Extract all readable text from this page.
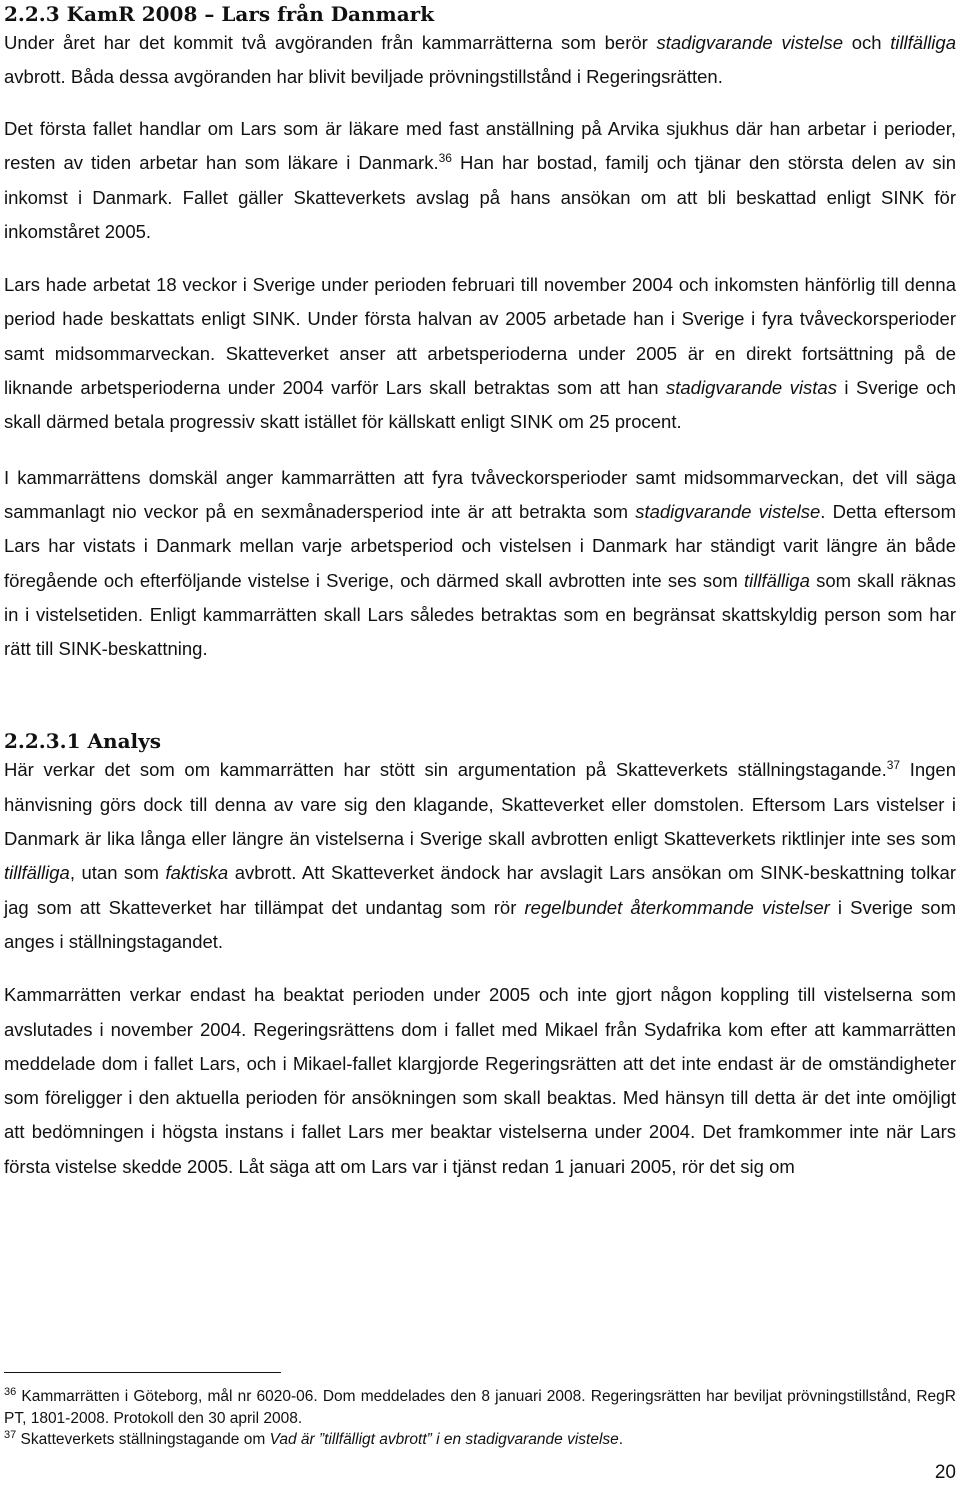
2.2.3 KamR 2008 – Lars från Danmark

Under året har det kommit två avgöranden från kammarrätterna som berör stadigvarande vistelse och tillfälliga avbrott. Båda dessa avgöranden har blivit beviljade prövningstillstånd i Regeringsrätten.

Det första fallet handlar om Lars som är läkare med fast anställning på Arvika sjukhus där han arbetar i perioder, resten av tiden arbetar han som läkare i Danmark.$^{36}$ Han har bostad, familj och tjänar den största delen av sin inkomst i Danmark. Fallet gäller Skatteverkets avslag på hans ansökan om att bli beskattad enligt SINK för inkomståret 2005.

Lars hade arbetat 18 veckor i Sverige under perioden februari till november 2004 och inkomsten hänförlig till denna period hade beskattats enligt SINK. Under första halvan av 2005 arbetade han i Sverige i fyra tvåveckorsperioder samt midsommarveckan. Skatteverket anser att arbetsperioderna under 2005 är en direkt fortsättning på de liknande arbetsperioderna under 2004 varför Lars skall betraktas som att han stadigvarande vistas i Sverige och skall därmed betala progressiv skatt istället för källskatt enligt SINK om 25 procent.

I kammarrättens domskäl anger kammarrätten att fyra tvåveckorsperioder samt midsommarveckan, det vill säga sammanlagt nio veckor på en sexmånadersperiod inte är att betrakta som stadigvarande vistelse. Detta eftersom Lars har vistats i Danmark mellan varje arbetsperiod och vistelsen i Danmark har ständigt varit längre än både föregående och efterföljande vistelse i Sverige, och därmed skall avbrotten inte ses som tillfälliga som skall räknas in i vistelsetiden. Enligt kammarrätten skall Lars således betraktas som en begränsat skattskyldig person som har rätt till SINK-beskattning.

2.2.3.1 Analys

Här verkar det som om kammarrätten har stött sin argumentation på Skatteverkets ställningstagande.$^{37}$ Ingen hänvisning görs dock till denna av vare sig den klagande, Skatteverket eller domstolen. Eftersom Lars vistelser i Danmark är lika långa eller längre än vistelserna i Sverige skall avbrotten enligt Skatteverkets riktlinjer inte ses som tillfälliga, utan som faktiska avbrott. Att Skatteverket ändock har avslagit Lars ansökan om SINK-beskattning tolkar jag som att Skatteverket har tillämpat det undantag som rör regelbundet återkommande vistelser i Sverige som anges i ställningstagandet.

Kammarrätten verkar endast ha beaktat perioden under 2005 och inte gjort någon koppling till vistelserna som avslutades i november 2004. Regeringsrättens dom i fallet med Mikael från Sydafrika kom efter att kammarrätten meddelade dom i fallet Lars, och i Mikael-fallet klargjorde Regeringsrätten att det inte endast är de omständigheter som föreligger i den aktuella perioden för ansökningen som skall beaktas. Med hänsyn till detta är det inte omöjligt att bedömningen i högsta instans i fallet Lars mer beaktar vistelserna under 2004. Det framkommer inte när Lars första vistelse skedde 2005. Låt säga att om Lars var i tjänst redan 1 januari 2005, rör det sig om

$^{36}$ Kammarrätten i Göteborg, mål nr 6020-06. Dom meddelades den 8 januari 2008. Regeringsrätten har beviljat prövningstillstånd, RegR PT, 1801-2008. Protokoll den 30 april 2008.

$^{37}$ Skatteverkets ställningstagande om Vad är ”tillfälligt avbrott” i en stadigvarande vistelse.

20
